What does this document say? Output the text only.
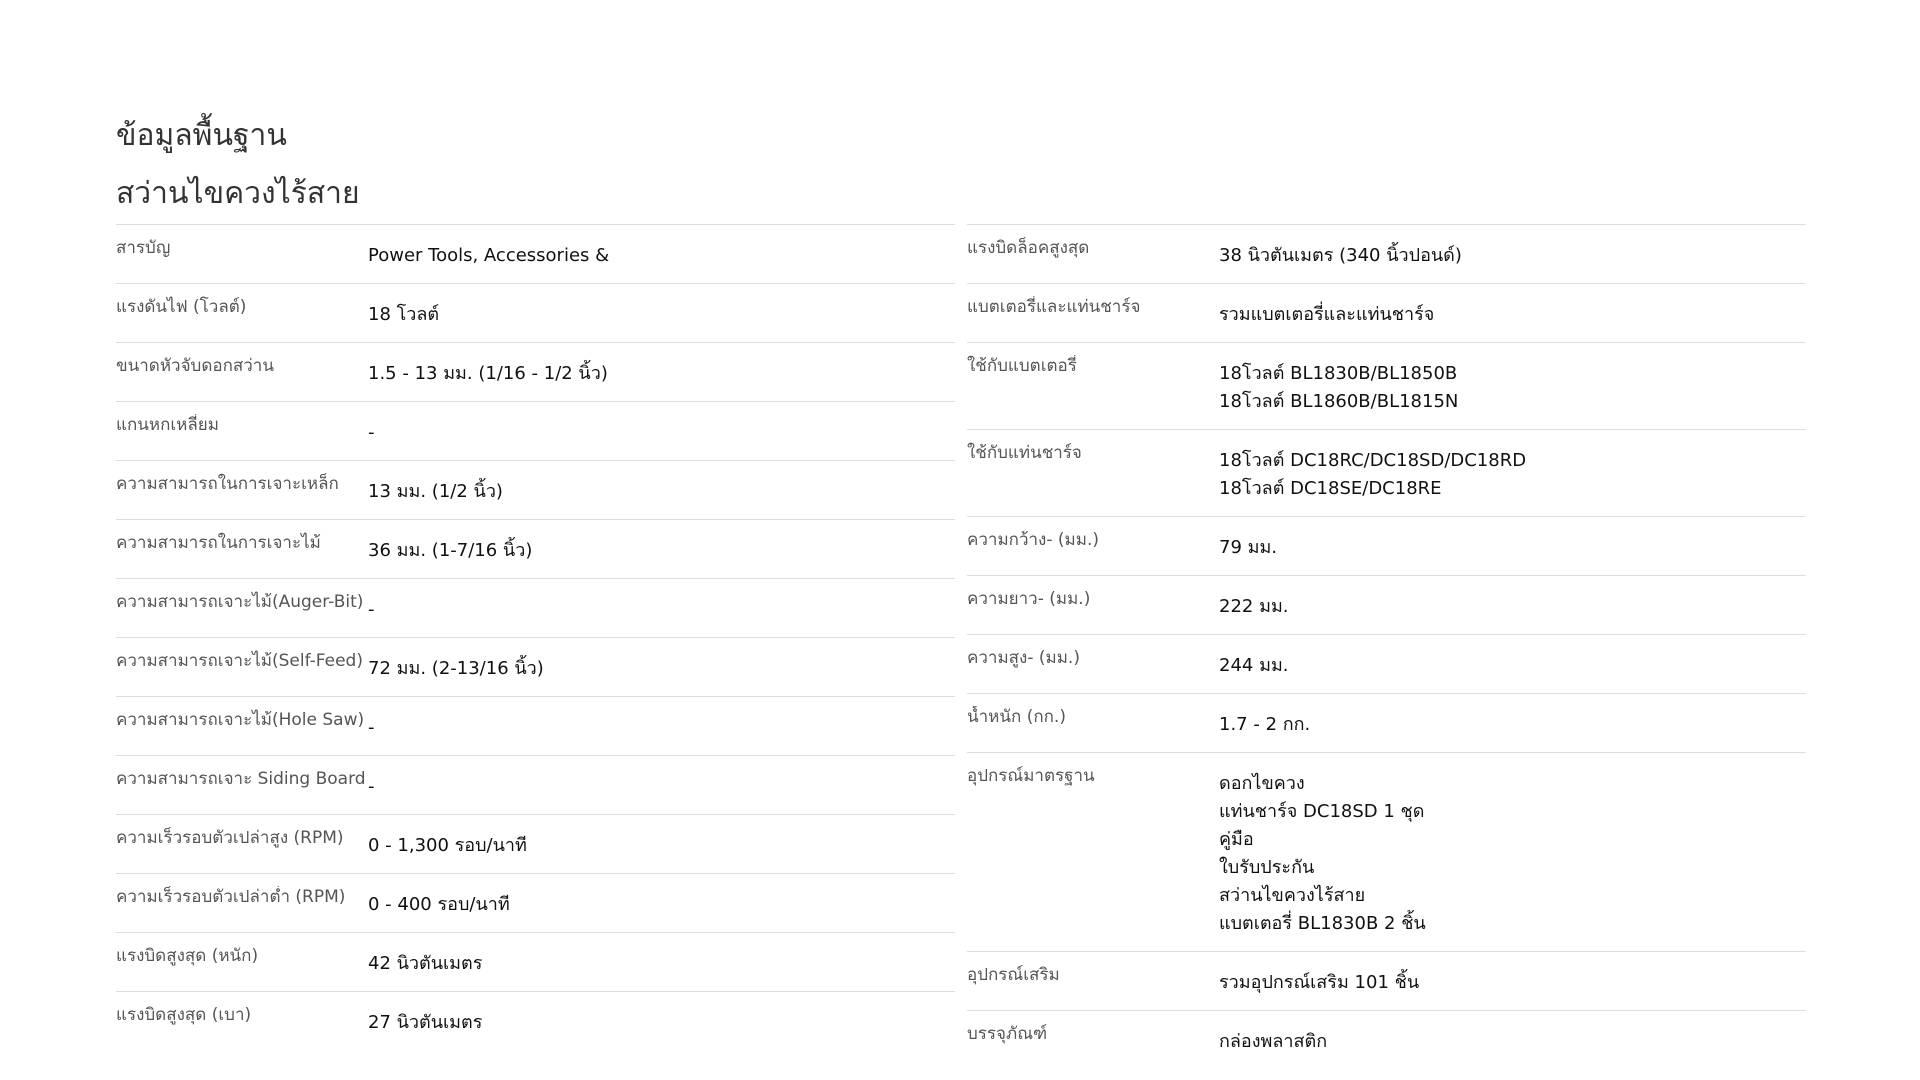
ข้อมูลพื้นฐาน
สว่านไขควงไร้สาย
สารบัญ	Power Tools, Accessories &
แรงดันไฟ (โวลต์)	18 โวลต์
ขนาดหัวจับดอกสว่าน	1.5 - 13 มม. (1/16 - 1/2 นิ้ว)
แกนหกเหลี่ยม	-
ความสามารถในการเจาะเหล็ก	13 มม. (1/2 นิ้ว)
ความสามารถในการเจาะไม้	36 มม. (1-7/16 นิ้ว)
ความสามารถเจาะไม้(Auger-Bit) -
ความสามารถเจาะไม้(Self-Feed) 72 มม. (2-13/16 นิ้ว)
ความสามารถเจาะไม้(Hole Saw) -
ความสามารถเจาะ Siding Board -
ความเร็วรอบตัวเปล่าสูง (RPM)	0 - 1,300 รอบ/นาที
ความเร็วรอบตัวเปล่าต่ำ (RPM)	0 - 400 รอบ/นาที
แรงบิดสูงสุด (หนัก)	42 นิวตันเมตร
แรงบิดสูงสุด (เบา)	27 นิวตันเมตร
แรงบิดล็อคสูงสุด	38 นิวตันเมตร (340 นิ้วปอนด์)
แบตเตอรี่และแท่นชาร์จ	รวมแบตเตอรี่และแท่นชาร์จ
ใช้กับแบตเตอรี่	18โวลต์ BL1830B/BL1850B
18โวลต์ BL1860B/BL1815N
ใช้กับแท่นชาร์จ	18โวลต์ DC18RC/DC18SD/DC18RD
18โวลต์ DC18SE/DC18RE
ความกว้าง- (มม.)	79 มม.
ความยาว- (มม.)	222 มม.
ความสูง- (มม.)	244 มม.
น้ำหนัก (กก.)	1.7 - 2 กก.
อุปกรณ์มาตรฐาน	ดอกไขควง
แท่นชาร์จ DC18SD 1 ชุด
คู่มือ
ใบรับประกัน
สว่านไขควงไร้สาย
แบตเตอรี่ BL1830B 2 ชิ้น
อุปกรณ์เสริม	รวมอุปกรณ์เสริม 101 ชิ้น
บรรจุภัณฑ์	กล่องพลาสติก
